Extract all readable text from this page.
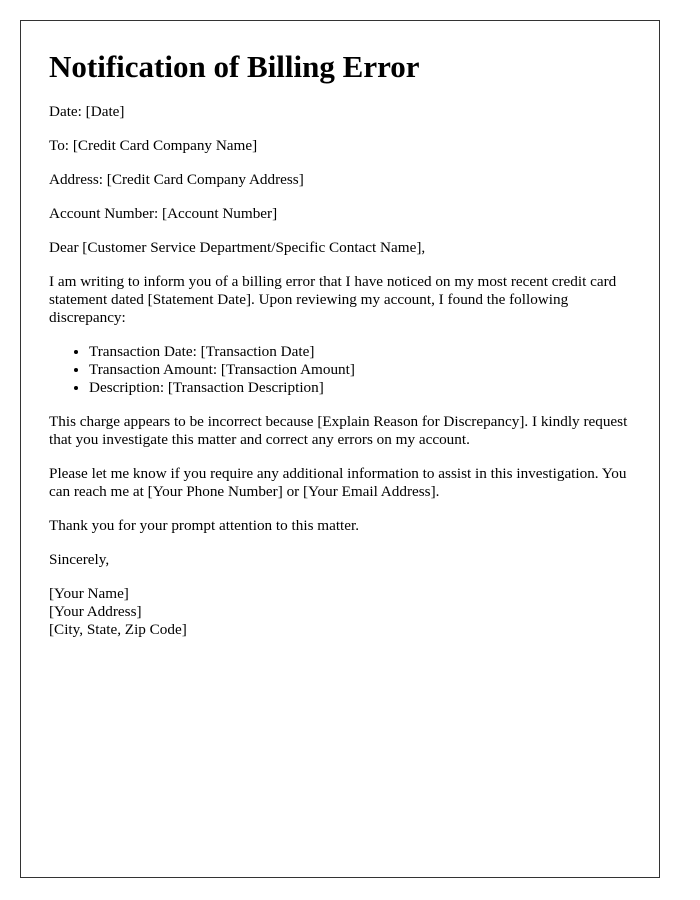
Notification of Billing Error

Date: [Date]

To: [Credit Card Company Name]

Address: [Credit Card Company Address]

Account Number: [Account Number]

Dear [Customer Service Department/Specific Contact Name],

I am writing to inform you of a billing error that I have noticed on my most recent credit card statement dated [Statement Date]. Upon reviewing my account, I found the following discrepancy:

• Transaction Date: [Transaction Date]
• Transaction Amount: [Transaction Amount]
• Description: [Transaction Description]

This charge appears to be incorrect because [Explain Reason for Discrepancy]. I kindly request that you investigate this matter and correct any errors on my account.

Please let me know if you require any additional information to assist in this investigation. You can reach me at [Your Phone Number] or [Your Email Address].

Thank you for your prompt attention to this matter.

Sincerely,

[Your Name]
[Your Address]
[City, State, Zip Code]
